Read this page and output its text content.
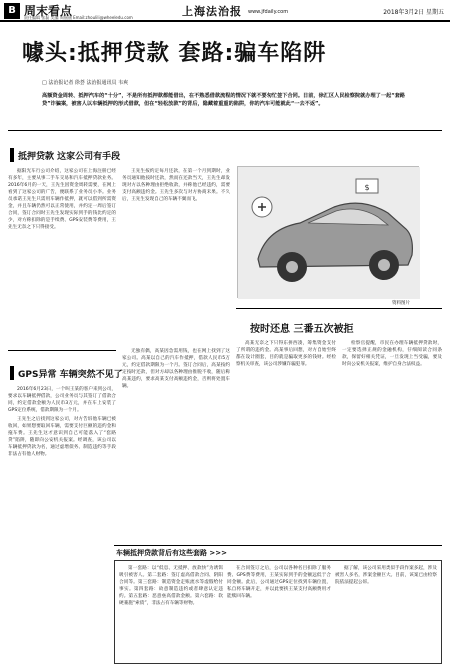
B 周末看点
责任编辑 张磊 美编 周丽丽 Email:zhoulili@wheeledu.com	上海法治报 www.jfdaily.com	2018年3月2日 星期五
噱头:抵押贷款 套路:骗车陷阱
□ 法治报记者 徐荟 法治报通讯员 韦爽
高额资金周转、抵押汽车的“十分”，不是所有抵押款都能借出，在不熟悉借款流程的情况下就不要匆忙签下合同。日前，徐汇区人民检察院就办理了一起“套路贷”诈骗案，被害人以车辆抵押的形式借款，但在“轻松放款”的背后，隐藏着重重的陷阱，你的汽车可能就此“一去不返”。
抵押贷款 这家公司有手段

据阳光车行公司介绍，这家公司在上海注册已经有多年，主要从事二手车交易和汽车抵押贷款业务。2016年6月的一天，王先生因资金周转需要，在网上看到了这家公司的广告，便联系了业务员小李。业务员承诺王先生只需用车辆作抵押，就可以借到所需资金，并且车辆仍然可以正常使用，并约定一周后签订合同，签订合同时王先生发现实际到手的钱比约定的少，对方称扣除的是手续费、GPS安装费等费用，王先生无奈之下只得接受。

王先生按约定每月还款，在第一个月到期时，业务员通知他按时还款，然而在还款当天，王先生却发现对方以各种理由拒绝收款，并称他已经违约，需要支付高额违约金。王先生多次与对方协商未果。不久后，王先生发现自己的车辆不翼而飞。

$
资料图片
按时还息 三番五次被拒

无独有偶，高某因急需用钱，也在网上找到了这家公司。高某以自己的汽车作抵押，借款人民币5万元，约定借款期限为一个月。签订合同后，高某按约定按时还款，但对方却以各种理由推脱不收，随后称高某违约，要求高某支付高额违约金，否则将处置车辆。

高某无奈之下只得东拼西凑，筹集资金支付了所谓的违约金。高某事后回想，对方自始至终都在设计圈套，目的就是骗取更多的钱财。经检察机关审查，该公司涉嫌诈骗犯罪。

检察官提醒，市民在办理车辆抵押贷款时，一定要选择正规的金融机构，仔细阅读合同条款，保留好相关凭证，一旦发现上当受骗，要及时向公安机关报案，维护自身合法权益。

GPS异常 车辆突然不见了

2016年6月23日，一个叫王某的客户来到公司，要求以车辆抵押借款，公司业务员与其签订了借款合同，约定借款金额为人民币3万元，并在车上安装了GPS定位系统，借款期限为一个月。

王先生之后找到这家公司，对方告诉他车辆已被收回，如果想要取回车辆，需要支付巨额的违约金和拖车费。王先生这才意识到自己可能落入了“套路贷”陷阱，随即向公安机关报案。经调查，该公司以车辆抵押贷款为名，通过虚增债务、制造违约等手段非法占有他人财物。

车辆抵押贷款背后有这些套路 >>>

第一套路：以“低息、无抵押、放款快”为诱饵吸引被害人。第二套路：签订虚高借款合同、阴阳合同等。第三套路：制造资金走账流水等虚假给付事实。第四套路：故意制造违约或者肆意认定违约。第五套路：恶意垒高借款金额。第六套路：软硬兼施“索债”，非法占有车辆等财物。

在合同签订之后，公司以各种名目扣除了服务费、GPS费等费用，王某实际到手的金额远低于合同金额。此后，公司通过GPS定位找到车辆位置，私自将车辆开走，并以此要挟王某支付高额费用才能赎回车辆。

据了解，该公司采用类似手段作案多起，涉及被害人多名，涉案金额巨大。目前，该案已由检察院依法提起公诉。
